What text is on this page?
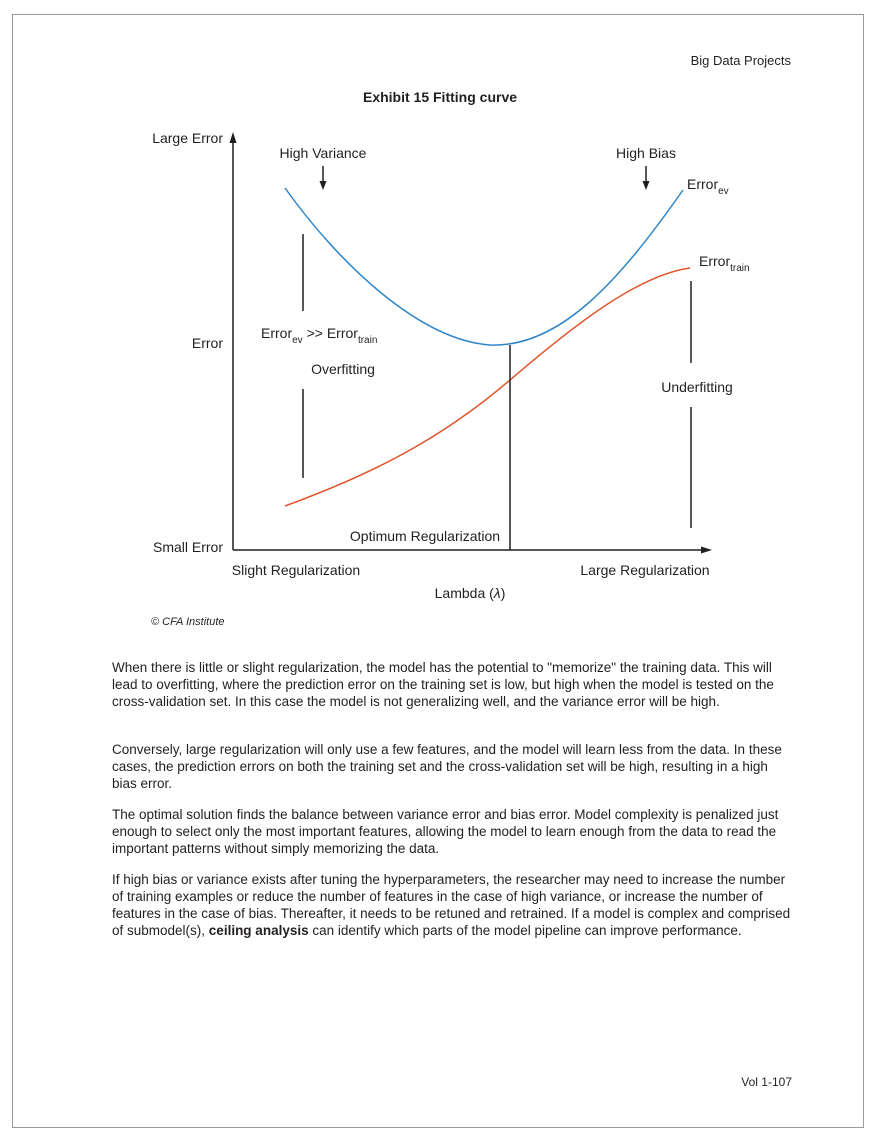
Big Data Projects
Exhibit 15 Fitting curve
Large Error
Error
Small Error
Slight Regularization	Large Regularization
Lambda (λ)
Optimum Regularization
High Variance	High Bias
Error$_{ev}$
Error$_{train}$
Error$_{ev}$ >> Error$_{train}$
Overfitting
Underfitting
© CFA Institute

When there is little or slight regularization, the model has the potential to "memorize" the training data. This will lead to overfitting, where the prediction error on the training set is low, but high when the model is tested on the cross-validation set. In this case the model is not generalizing well, and the variance error will be high.

Conversely, large regularization will only use a few features, and the model will learn less from the data. In these cases, the prediction errors on both the training set and the cross-validation set will be high, resulting in a high bias error.

The optimal solution finds the balance between variance error and bias error. Model complexity is penalized just enough to select only the most important features, allowing the model to learn enough from the data to read the important patterns without simply memorizing the data.

If high bias or variance exists after tuning the hyperparameters, the researcher may need to increase the number of training examples or reduce the number of features in the case of high variance, or increase the number of features in the case of bias. Thereafter, it needs to be retuned and retrained. If a model is complex and comprised of submodel(s), ceiling analysis can identify which parts of the model pipeline can improve performance.

Vol 1-107
